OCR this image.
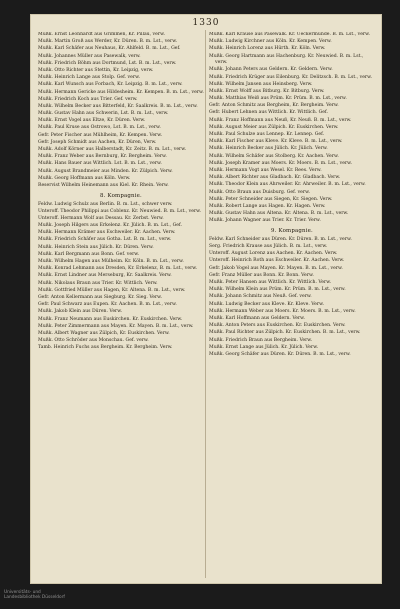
1330
Mußk. Ernst Leonhardt aus Grimmen, Kr. Pillau, verw.
Mußk. Martin Groß aus Werder, Kr. Düren. B. m. Lst., verw.
Mußk. Karl Schäfer aus Neuhaus, Kr. Ahlfeld. B. m. Lst., Gef.
Mußk. Johannes Müller aus Pasewalk, verw.
Mußk. Friedrich Böhm aus Dortmund, Lst. B. m. Lst., verw.
Mußk. Otto Richter aus Stettin, Kr. Leipzig, verw.
Mußk. Heinrich Lange aus Stolp. Gef. verw.
Mußk. Karl Wunsch aus Forbach, Kr. Leipzig. B. m. Lst., verw.
Mußk. Hermann Gericke aus Hildesheim. Kr. Kempen. B. m. Lst., verw.
Mußk. Friedrich Koch aus Trier. Gef. verw.
Mußk. Wilhelm Becker aus Bitterfeld, Kr. Saalkreis. B. m. Lst., verw.
Mußk. Gustav Hahn aus Schwerin, Lst. B. m. Lst., verw.
Mußk. Ernst Vogel aus Eltze, Kr. Düren. Verw.
Mußk. Paul Kruse aus Ostrowo, Lst. B. m. Lst., verw.
Gefr. Peter Fischer aus Mühlheim, Kr. Kempen. Verw.
Gefr. Joseph Schmidt aus Aachen, Kr. Düren, Verw.
Mußk. Adolf Körner aus Halberstadt, Kr. Zeitz. B. m. Lst., verw.
Mußk. Franz Weber aus Bernburg, Kr. Bergheim. Verw.
Mußk. Hans Bauer aus Wittlich. Lst. B. m. Lst., verw.
Mußk. August Brandmeier aus Minden. Kr. Zülpich. Verw.
Mußk. Georg Hoffmann aus Köln. Verw.
Reservist Wilhelm Heinemann aus Kiel. Kr. Rhein. Verw.
8. Kompagnie.
Feldw. Ludwig Schulz aus Berlin. B. m. Lst., schwer verw.
Unteroff. Theodor Philippi aus Coblenz. Kr. Neuwied. B. m. Lst., verw.
Unteroff. Hermann Wolf aus Dessau. Kr. Zerbst. Verw.
Mußk. Joseph Hilgers aus Erkelenz. Kr. Jülich. B. m. Lst., Gef.
Mußk. Hermann Krämer aus Eschweiler. Kr. Aachen. Verw.
Mußk. Friedrich Schäfer aus Gotha. Lst. B. m. Lst., verw.
Mußk. Heinrich Stein aus Jülich. Kr. Düren. Verw.
Mußk. Karl Bergmann aus Bonn. Gef. verw.
Mußk. Wilhelm Hagen aus Mülheim. Kr. Köln. B. m. Lst., verw.
Mußk. Konrad Lehmann aus Dresden, Kr. Erkelenz, B. m. Lst., verw.
Mußk. Ernst Lindner aus Merseburg, Kr. Saalkreis. Verw.
Mußk. Nikolaus Braun aus Trier. Kr. Wittlich. Verw.
Mußk. Gottfried Müller aus Hagen, Kr. Altena. B. m. Lst., verw.
Gefr. Anton Kellermann aus Siegburg. Kr. Sieg. Verw.
Gefr. Paul Schwarz aus Eupen. Kr. Aachen. B. m. Lst., verw.
Mußk. Jakob Klein aus Düren. Verw.
Mußk. Franz Neumann aus Euskirchen. Kr. Euskirchen. Verw.
Mußk. Peter Zimmermann aus Mayen. Kr. Mayen. B. m. Lst., verw.
Mußk. Albert Wagner aus Zülpich, Kr. Euskirchen. Verw.
Mußk. Otto Schröder aus Monschau. Gef. verw.
Tamb. Heinrich Fuchs aus Bergheim. Kr. Bergheim. Verw.
Mußk. Karl Krause aus Pasewalk. Kr. Ueckermünde. B. m. Lst., verw.
Mußk. Ludwig Kirchner aus Köln. Kr. Kempen. Verw.
Mußk. Heinrich Lorenz aus Hürth. Kr. Köln. Verw.
Mußk. Georg Hartmann aus Hachenburg. Kr. Neuwied. B. m. Lst., verw.
Mußk. Johann Peters aus Geldern. Kr. Geldern. Verw.
Mußk. Friedrich Krüger aus Eilenburg. Kr. Delitzsch. B. m. Lst., verw.
Mußk. Wilhelm Jansen aus Heinsberg. Verw.
Mußk. Ernst Wolff aus Bitburg. Kr. Bitburg. Verw.
Mußk. Matthias Weiß aus Prüm. Kr. Prüm. B. m. Lst., verw.
Gefr. Anton Schmitz aus Bergheim, Kr. Bergheim. Verw.
Gefr. Hubert Lehnen aus Wittlich. Kr. Wittlich. Gef.
Mußk. Franz Hoffmann aus Neuß, Kr. Neuß. B. m. Lst., verw.
Mußk. August Meier aus Zülpich. Kr. Euskirchen. Verw.
Mußk. Paul Schulze aus Lennep. Kr. Lennep. Gef.
Mußk. Karl Fischer aus Kleve. Kr. Kleve. B. m. Lst., verw.
Mußk. Heinrich Becker aus Jülich. Kr. Jülich. Verw.
Mußk. Wilhelm Schäfer aus Stolberg. Kr. Aachen. Verw.
Mußk. Joseph Kramer aus Moers. Kr. Moers. B. m. Lst., verw.
Mußk. Hermann Vogt aus Wesel. Kr. Rees. Verw.
Mußk. Albert Richter aus Gladbach. Kr. Gladbach. Verw.
Mußk. Theodor Klein aus Ahrweiler. Kr. Ahrweiler. B. m. Lst., verw.
Mußk. Otto Braun aus Duisburg. Gef. verw.
Mußk. Peter Schneider aus Siegen, Kr. Siegen. Verw.
Mußk. Robert Lange aus Hagen. Kr. Hagen. Verw.
Mußk. Gustav Hahn aus Altena. Kr. Altena. B. m. Lst., verw.
Mußk. Johann Wagner aus Trier. Kr. Trier. Verw.
9. Kompagnie.
Feldw. Karl Schneider aus Düren. Kr. Düren. B. m. Lst., verw.
Serg. Friedrich Krause aus Jülich. B. m. Lst., verw.
Unteroff. August Lorenz aus Aachen. Kr. Aachen. Verw.
Unteroff. Heinrich Roth aus Eschweiler. Kr. Aachen. Verw.
Gefr. Jakob Vogel aus Mayen. Kr. Mayen. B. m. Lst., verw.
Gefr. Franz Müller aus Bonn. Kr. Bonn. Verw.
Mußk. Peter Hansen aus Wittlich. Kr. Wittlich. Verw.
Mußk. Wilhelm Klein aus Prüm. Kr. Prüm. B. m. Lst., verw.
Mußk. Johann Schmitz aus Neuß. Gef. verw.
Mußk. Ludwig Becker aus Kleve. Kr. Kleve. Verw.
Mußk. Hermann Weber aus Moers. Kr. Moers. B. m. Lst., verw.
Mußk. Karl Hoffmann aus Geldern. Verw.
Mußk. Anton Peters aus Euskirchen. Kr. Euskirchen. Verw.
Mußk. Paul Richter aus Zülpich. Kr. Euskirchen. B. m. Lst., verw.
Mußk. Friedrich Braun aus Bergheim. Verw.
Mußk. Ernst Lange aus Jülich. Kr. Jülich. Verw.
Mußk. Georg Schäfer aus Düren. Kr. Düren. B. m. Lst., verw.
Universitäts- und
Landesbibliothek Düsseldorf
